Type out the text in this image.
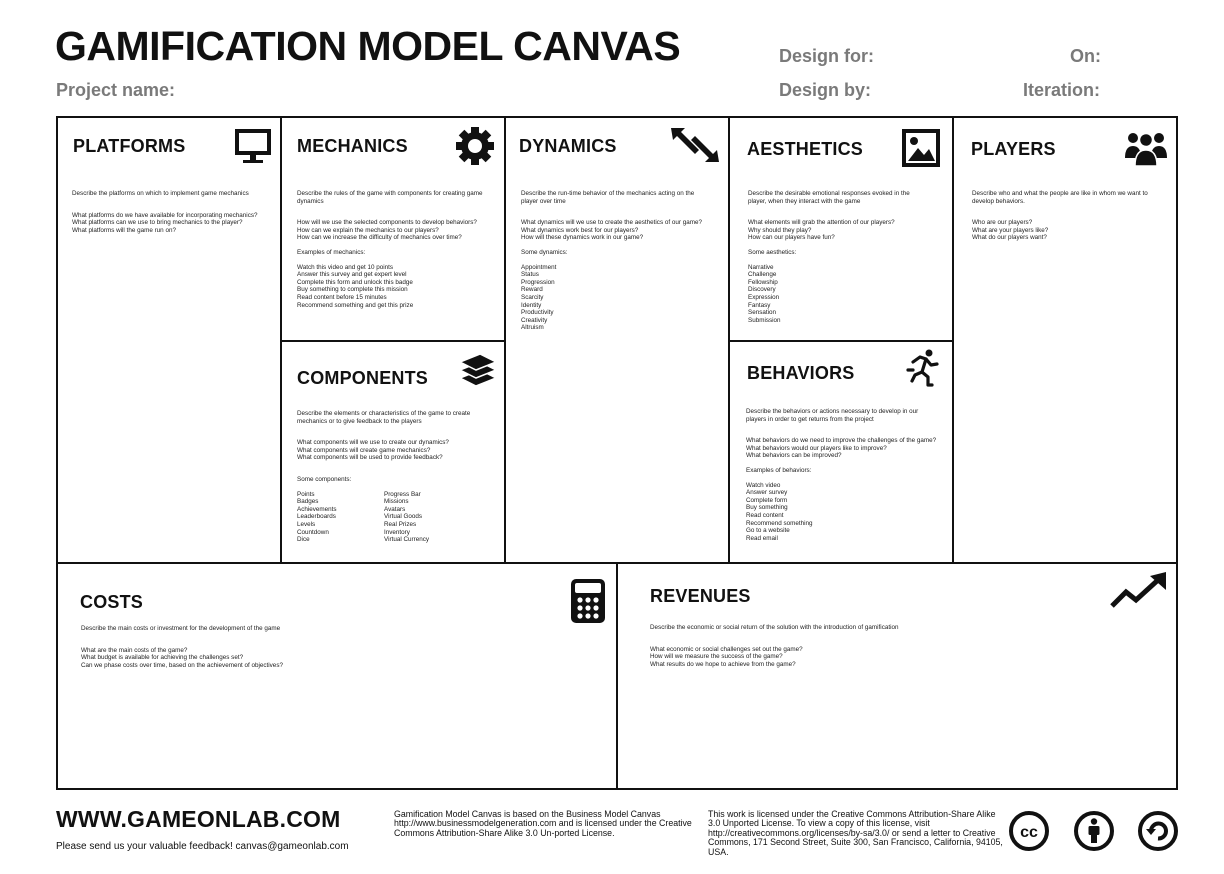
GAMIFICATION MODEL CANVAS
Project name:
Design for:
Design by:
On:
Iteration:
PLATFORMS

Describe the platforms on which to implement game mechanics

What platforms do we have available for incorporating mechanics?

What platforms can we use to bring mechanics to the player?

What platforms will the game run on?

MECHANICS

Describe the rules of the game with components for creating game

dynamics

How will we use the selected components to develop behaviors?

How can we explain the mechanics to our players?

How can we increase the difficulty of mechanics over time?

Examples of mechanics:

Watch this video and get 10 points

Answer this survey and get expert level

Complete this form and unlock this badge

Buy something to complete this mission

Read content before 15 minutes

Recommend something and get this prize

DYNAMICS

Describe the run-time behavior of the mechanics acting on the

player over time

What dynamics will we use to create the aesthetics of our game?

What dynamics work best for our players?

How will these dynamics work in our game?

Some dynamics:

Appointment

Status

Progression

Reward

Scarcity

Identity

Productivity

Creativity

Altruism

AESTHETICS

Describe the desirable emotional responses evoked in the

player, when they interact with the game

What elements will grab the attention of our players?

Why should they play?

How can our players have fun?

Some aesthetics:

Narrative

Challenge

Fellowship

Discovery

Expression

Fantasy

Sensation

Submission

PLAYERS

Describe who and what the people are like in whom we want to

develop behaviors.

Who are our players?

What are your players like?

What do our players want?

COMPONENTS

Describe the elements or characteristics of the game to create

mechanics or to give feedback to the players

What components will we use to create our dynamics?

What components will create game mechanics?

What components will be used to provide feedback?

Some components:

Points

Badges

Achievements

Leaderboards

Levels

Countdown

Dice

Progress Bar

Missions

Avatars

Virtual Goods

Real Prizes

Inventory

Virtual Currency

BEHAVIORS

Describe the behaviors or actions necessary to develop in our

players in order to get returns from the project

What behaviors do we need to improve the challenges of the game?

What behaviors would our players like to improve?

What behaviors can be improved?

Examples of behaviors:

Watch video

Answer survey

Complete form

Buy something

Read content

Recommend something

Go to a website

Read email

COSTS

Describe the main costs or investment for the development of the game

What are the main costs of the game?

What budget is available for achieving the challenges set?

Can we phase costs over time, based on the achievement of objectives?

REVENUES

Describe the economic or social return of the solution with the introduction of gamification

What economic or social challenges set out the game?

How will we measure the success of the game?

What results do we hope to achieve from the game?

WWW.GAMEONLAB.COM
Please send us your valuable feedback! canvas@gameonlab.com
Gamification Model Canvas is based on the Business Model Canvas http://www.businessmodelgeneration.com and is licensed under the Creative Commons Attribution-Share Alike 3.0 Un-ported License.
This work is licensed under the Creative Commons Attribution-Share Alike 3.0 Unported License. To view a copy of this license, visit http://creativecommons.org/licenses/by-sa/3.0/ or send a letter to Creative Commons, 171 Second Street, Suite 300, San Francisco, California, 94105, USA.
cc
